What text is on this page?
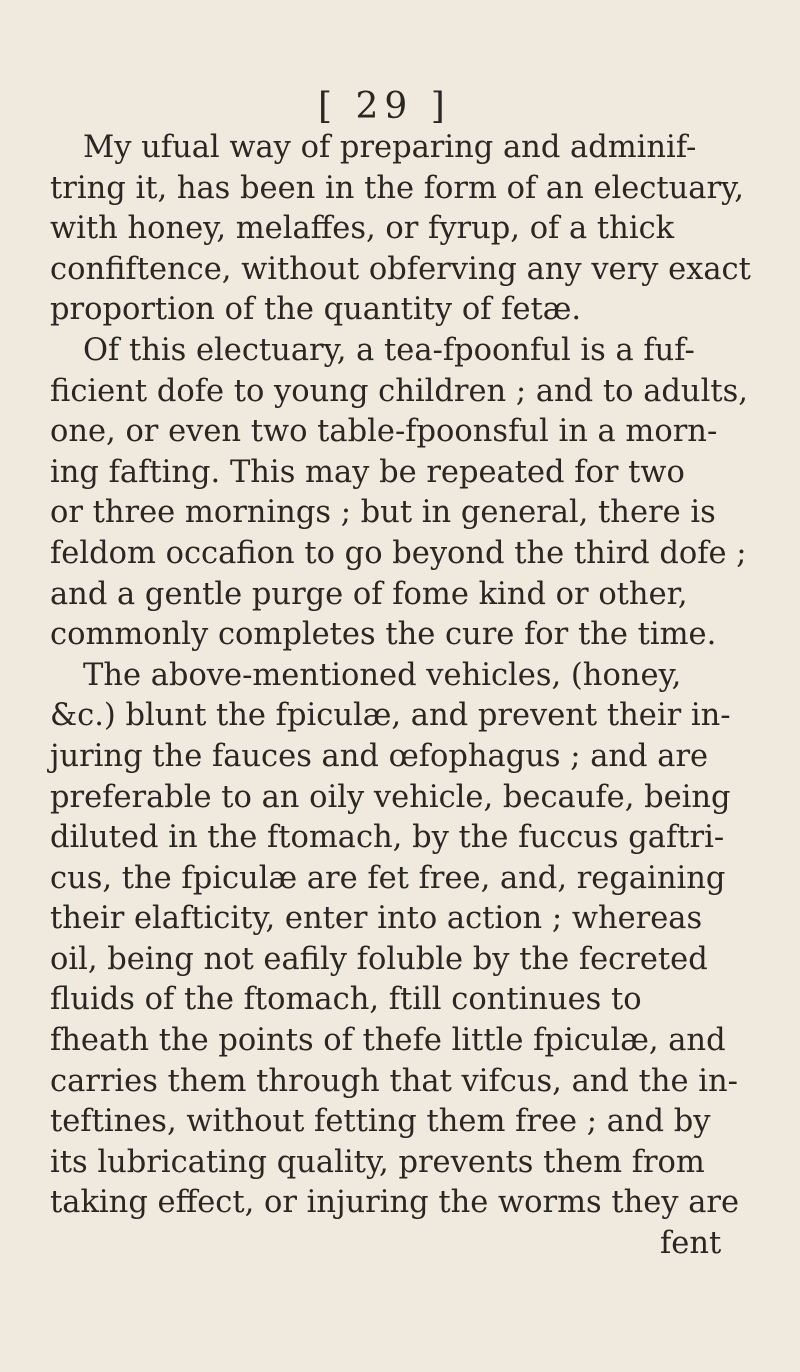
[ 29 ]
My ufual way of preparing and adminif-
tring it, has been in the form of an electuary,
with honey, melaffes, or fyrup, of a thick
confiftence, without obferving any very exact
proportion of the quantity of fetæ.
Of this electuary, a tea-fpoonful is a fuf-
ficient dofe to young children ; and to adults,
one, or even two table-fpoonsful in a morn-
ing fafting. This may be repeated for two
or three mornings ; but in general, there is
feldom occafion to go beyond the third dofe ;
and a gentle purge of fome kind or other,
commonly completes the cure for the time.
The above-mentioned vehicles, (honey,
&c.) blunt the fpiculæ, and prevent their in-
juring the fauces and œfophagus ; and are
preferable to an oily vehicle, becaufe, being
diluted in the ftomach, by the fuccus gaftri-
cus, the fpiculæ are fet free, and, regaining
their elafticity, enter into action ; whereas
oil, being not eafily foluble by the fecreted
fluids of the ftomach, ftill continues to
fheath the points of thefe little fpiculæ, and
carries them through that vifcus, and the in-
teftines, without fetting them free ; and by
its lubricating quality, prevents them from
taking effect, or injuring the worms they are
fent
